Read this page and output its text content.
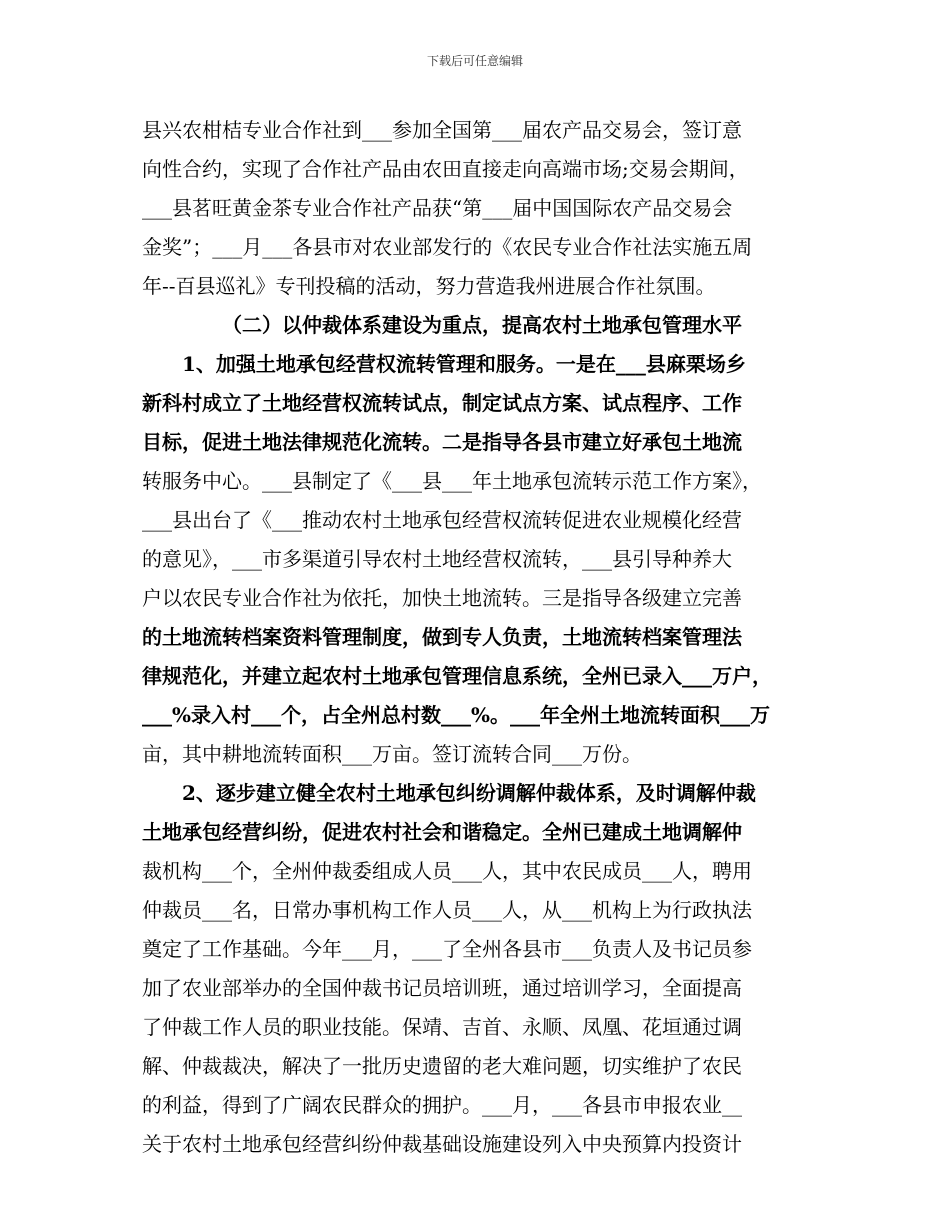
下载后可任意编辑
县兴农柑桔专业合作社到___参加全国第___届农产品交易会，签订意
向性合约，实现了合作社产品由农田直接走向高端市场;交易会期间，
___县茗旺黄金茶专业合作社产品获“第___届中国国际农产品交易会
金奖”；___月___各县市对农业部发行的《农民专业合作社法实施五周
年--百县巡礼》专刊投稿的活动，努力营造我州进展合作社氛围。
（二）以仲裁体系建设为重点，提高农村土地承包管理水平
　　1、加强土地承包经营权流转管理和服务。一是在___县麻栗场乡
新科村成立了土地经营权流转试点，制定试点方案、试点程序、工作
目标，促进土地法律规范化流转。二是指导各县市建立好承包土地流
转服务中心。___县制定了《___县___年土地承包流转示范工作方案》，
___县出台了《___推动农村土地承包经营权流转促进农业规模化经营
的意见》，___市多渠道引导农村土地经营权流转，___县引导种养大
户以农民专业合作社为依托，加快土地流转。三是指导各级建立完善
的土地流转档案资料管理制度，做到专人负责，土地流转档案管理法
律规范化，并建立起农村土地承包管理信息系统，全州已录入___万户，
___%录入村___个，占全州总村数___%。___年全州土地流转面积___万
亩，其中耕地流转面积___万亩。签订流转合同___万份。
　　2、逐步建立健全农村土地承包纠纷调解仲裁体系，及时调解仲裁
土地承包经营纠纷，促进农村社会和谐稳定。全州已建成土地调解仲
裁机构___个，全州仲裁委组成人员___人，其中农民成员___人，聘用
仲裁员___名，日常办事机构工作人员___人，从___机构上为行政执法
奠定了工作基础。今年___月，___了全州各县市___负责人及书记员参
加了农业部举办的全国仲裁书记员培训班，通过培训学习，全面提高
了仲裁工作人员的职业技能。保靖、吉首、永顺、凤凰、花垣通过调
解、仲裁裁决，解决了一批历史遗留的老大难问题，切实维护了农民
的利益，得到了广阔农民群众的拥护。___月，___各县市申报农业__
关于农村土地承包经营纠纷仲裁基础设施建设列入中央预算内投资计
